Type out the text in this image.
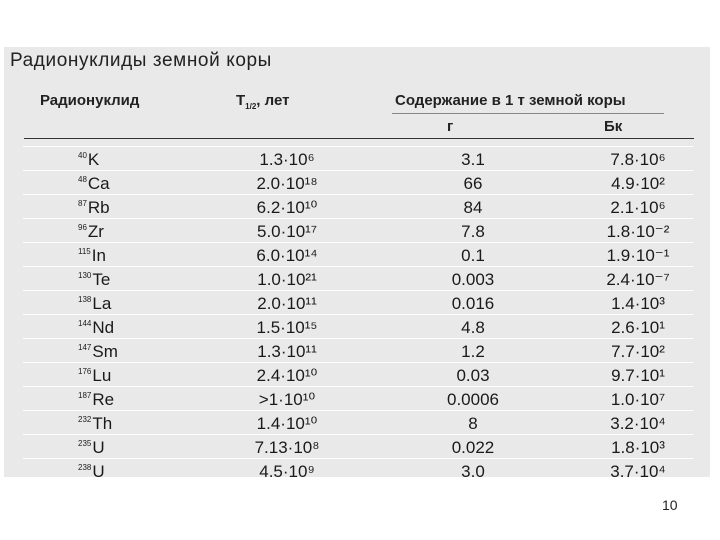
Радионуклиды земной коры
Радионуклид	$T_{1/2}$, лет	Содержание в 1 т земной коры
г	Бк
$^{40}$K	1.3·10⁶	3.1	7.8·10⁶
$^{48}$Ca	2.0·10¹⁸	66	4.9·10²
$^{87}$Rb	6.2·10¹⁰	84	2.1·10⁶
$^{96}$Zr	5.0·10¹⁷	7.8	1.8·10⁻²
$^{115}$In	6.0·10¹⁴	0.1	1.9·10⁻¹
$^{130}$Te	1.0·10²¹	0.003	2.4·10⁻⁷
$^{138}$La	2.0·10¹¹	0.016	1.4·10³
$^{144}$Nd	1.5·10¹⁵	4.8	2.6·10¹
$^{147}$Sm	1.3·10¹¹	1.2	7.7·10²
$^{176}$Lu	2.4·10¹⁰	0.03	9.7·10¹
$^{187}$Re	>1·10¹⁰	0.0006	1.0·10⁷
$^{232}$Th	1.4·10¹⁰	8	3.2·10⁴
$^{235}$U	7.13·10⁸	0.022	1.8·10³
$^{238}$U	4.5·10⁹	3.0	3.7·10⁴
10
